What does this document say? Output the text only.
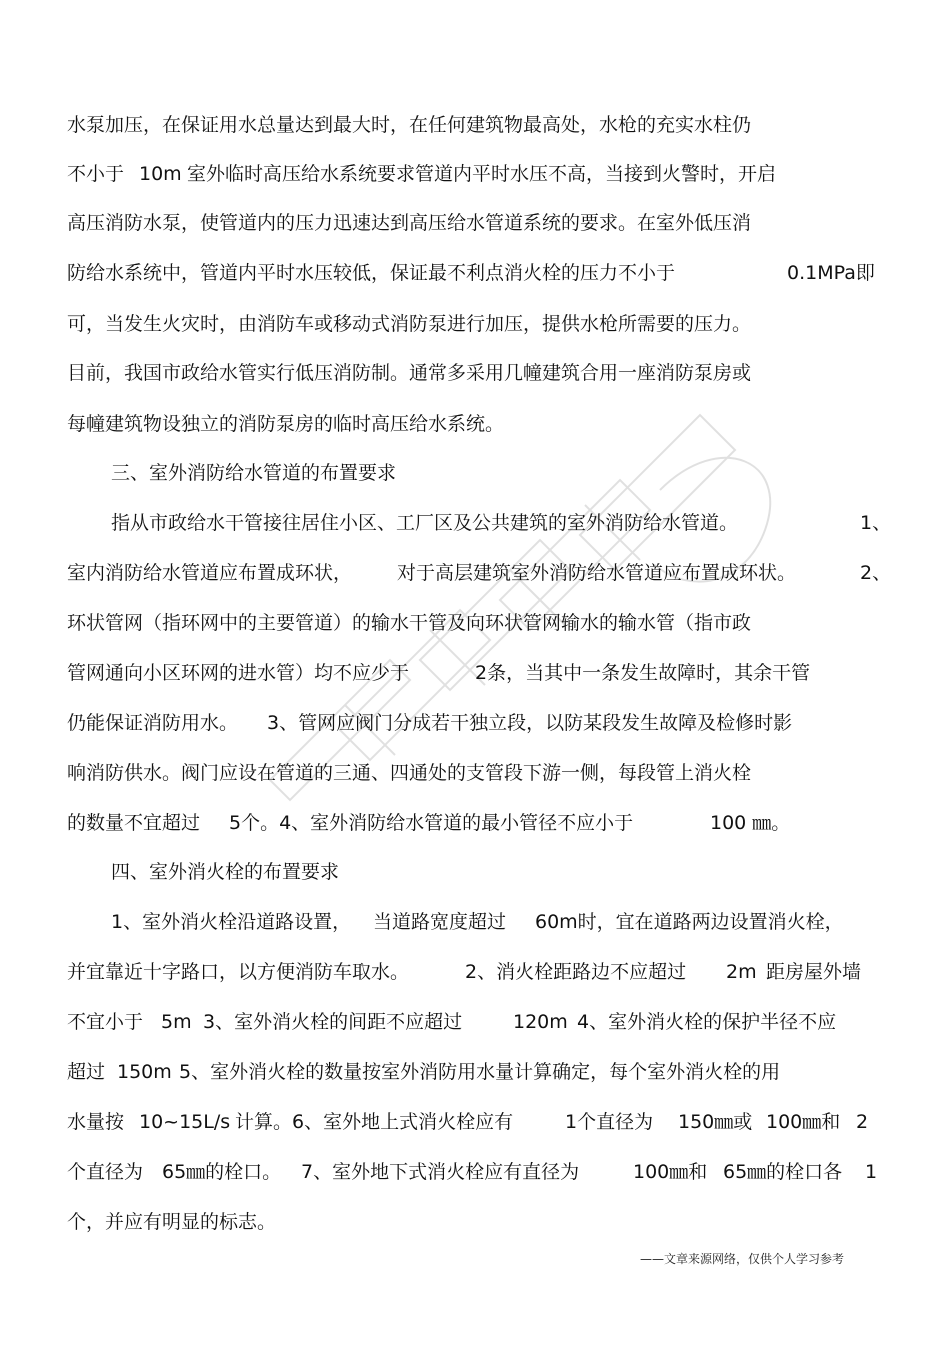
水泵加压，在保证用水总量达到最大时，在任何建筑物最高处，水枪的充实水柱仍
不小于 10m 室外临时高压给水系统要求管道内平时水压不高，当接到火警时，开启
高压消防水泵，使管道内的压力迅速达到高压给水管道系统的要求。在室外低压消
防给水系统中，管道内平时水压较低，保证最不利点消火栓的压力不小于	0.1MPa即
可，当发生火灾时，由消防车或移动式消防泵进行加压，提供水枪所需要的压力。
目前，我国市政给水管实行低压消防制。通常多采用几幢建筑合用一座消防泵房或
每幢建筑物设独立的消防泵房的临时高压给水系统。
三、室外消防给水管道的布置要求
指从市政给水干管接往居住小区、工厂区及公共建筑的室外消防给水管道。	1、
室内消防给水管道应布置成环状， 对于高层建筑室外消防给水管道应布置成环状。	2、
环状管网（指环网中的主要管道）的输水干管及向环状管网输水的输水管（指市政
管网通向小区环网的进水管）均不应少于	2条，当其中一条发生故障时，其余干管
仍能保证消防用水。 3、管网应阀门分成若干独立段，以防某段发生故障及检修时影
响消防供水。阀门应设在管道的三通、四通处的支管段下游一侧，每段管上消火栓
的数量不宜超过 5个。4、室外消防给水管道的最小管径不应小于	100 ㎜。
四、室外消火栓的布置要求
1、室外消火栓沿道路设置， 当道路宽度超过 60m时，宜在道路两边设置消火栓，
并宜靠近十字路口，以方便消防车取水。	2、消火栓距路边不应超过 2m 距房屋外墙
不宜小于 5m 3、室外消火栓的间距不应超过	120m 4、室外消火栓的保护半径不应
超过 150m 5、室外消火栓的数量按室外消防用水量计算确定，每个室外消火栓的用
水量按 10~15L/s 计算。6、室外地上式消火栓应有	1个直径为 150㎜或 100㎜和 2
个直径为 65㎜的栓口。 7、室外地下式消火栓应有直径为	100㎜和 65㎜的栓口各 1
个，并应有明显的标志。
——文章来源网络，仅供个人学习参考
